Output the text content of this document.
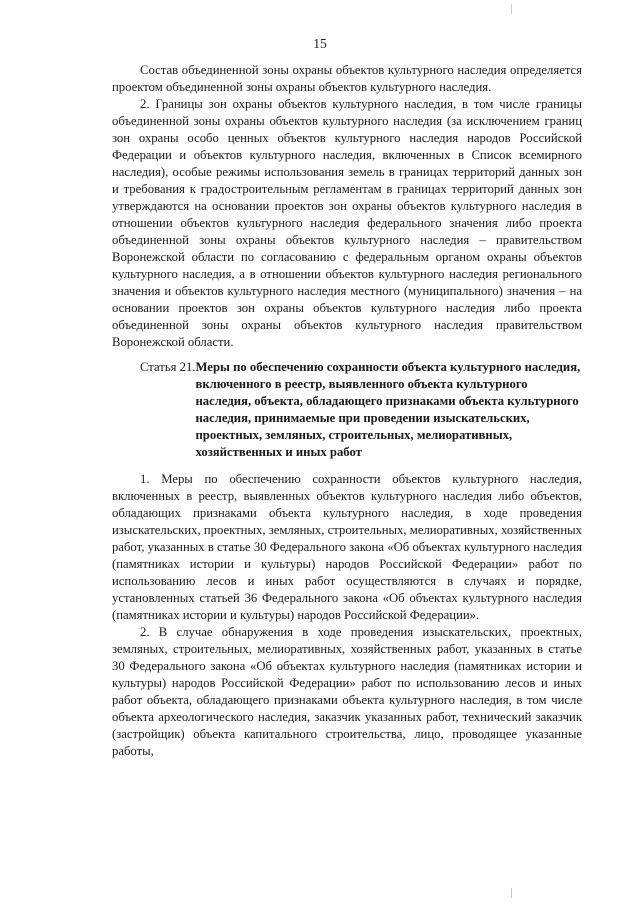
15

Состав объединенной зоны охраны объектов культурного наследия определяется проектом объединенной зоны охраны объектов культурного наследия.

2. Границы зон охраны объектов культурного наследия, в том числе границы объединенной зоны охраны объектов культурного наследия (за исключением границ зон охраны особо ценных объектов культурного наследия народов Российской Федерации и объектов культурного наследия, включенных в Список всемирного наследия), особые режимы использования земель в границах территорий данных зон и требования к градостроительным регламентам в границах территорий данных зон утверждаются на основании проектов зон охраны объектов культурного наследия в отношении объектов культурного наследия федерального значения либо проекта объединенной зоны охраны объектов культурного наследия – правительством Воронежской области по согласованию с федеральным органом охраны объектов культурного наследия, а в отношении объектов культурного наследия регионального значения и объектов культурного наследия местного (муниципального) значения – на основании проектов зон охраны объектов культурного наследия либо проекта объединенной зоны охраны объектов культурного наследия правительством Воронежской области.

Статья 21. Меры по обеспечению сохранности объекта культурного наследия, включенного в реестр, выявленного объекта культурного наследия, объекта, обладающего признаками объекта культурного наследия, принимаемые при проведении изыскательских, проектных, земляных, строительных, мелиоративных, хозяйственных и иных работ

1. Меры по обеспечению сохранности объектов культурного наследия, включенных в реестр, выявленных объектов культурного наследия либо объектов, обладающих признаками объекта культурного наследия, в ходе проведения изыскательских, проектных, земляных, строительных, мелиоративных, хозяйственных работ, указанных в статье 30 Федерального закона «Об объектах культурного наследия (памятниках истории и культуры) народов Российской Федерации» работ по использованию лесов и иных работ осуществляются в случаях и порядке, установленных статьей 36 Федерального закона «Об объектах культурного наследия (памятниках истории и культуры) народов Российской Федерации».

2. В случае обнаружения в ходе проведения изыскательских, проектных, земляных, строительных, мелиоративных, хозяйственных работ, указанных в статье 30 Федерального закона «Об объектах культурного наследия (памятниках истории и культуры) народов Российской Федерации» работ по использованию лесов и иных работ объекта, обладающего признаками объекта культурного наследия, в том числе объекта археологического наследия, заказчик указанных работ, технический заказчик (застройщик) объекта капитального строительства, лицо, проводящее указанные работы,
